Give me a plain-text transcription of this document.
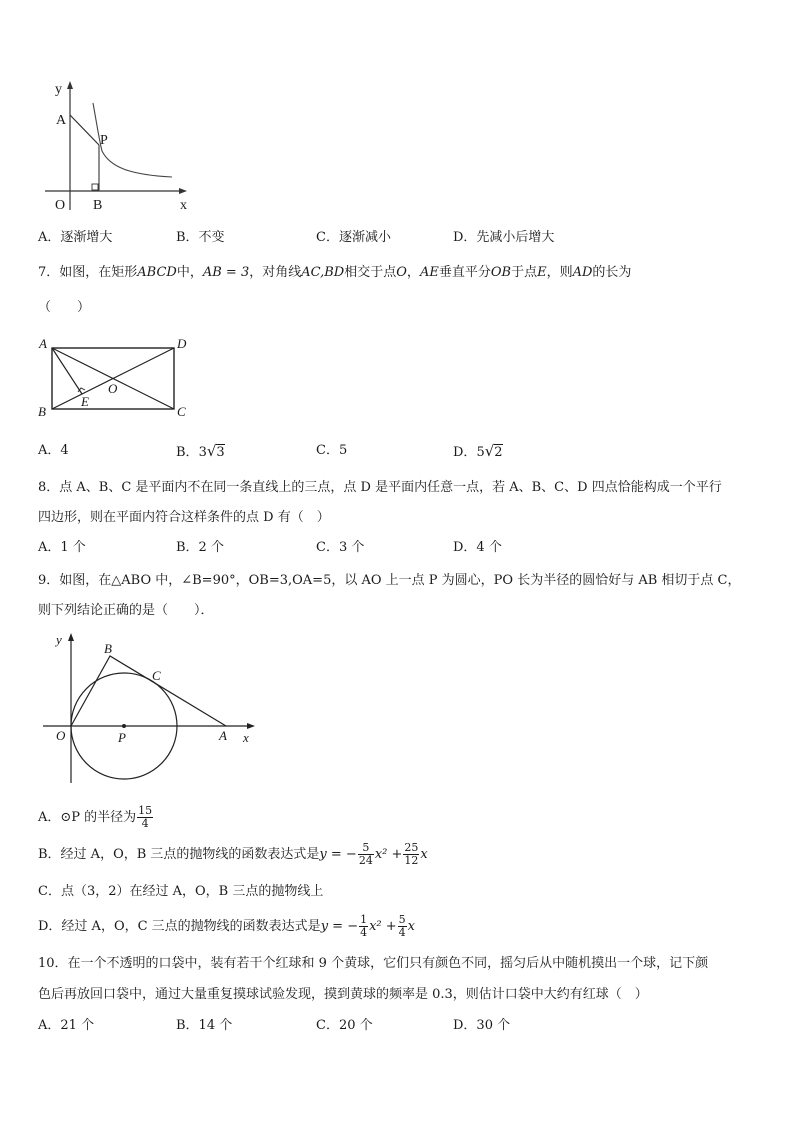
y
A
P
O B	x
A．逐渐增大	B．不变	C．逐渐减小	D．先减小后增大
7．如图，在矩形ABCD中，AB = 3，对角线AC,BD相交于点O，AE垂直平分OB于点E，则AD的长为
（　　）
A	D
B	C
O
E
A．4	B．3√3	C．5	D．5√2
8．点 A、B、C 是平面内不在同一条直线上的三点，点 D 是平面内任意一点，若 A、B、C、D 四点恰能构成一个平行
四边形，则在平面内符合这样条件的点 D 有（　）
A．1 个	B．2 个	C．3 个	D．4 个
9．如图，在△ABO 中，∠B=90°，OB=3,OA=5，以 AO 上一点 P 为圆心，PO 长为半径的圆恰好与 AB 相切于点 C，
则下列结论正确的是（　　）．
y
B
C
O	P	A x
A．⊙P 的半径为 $\frac{15}{4}$
B．经过 A，O，B 三点的抛物线的函数表达式是y = − $\frac{5}{24} x^2 + \frac{25}{12}$ x
C．点（3，2）在经过 A，O，B 三点的抛物线上
D．经过 A，O，C 三点的抛物线的函数表达式是y = − $\frac{1}{4} x^2 + \frac{5}{4}$ x
10．在一个不透明的口袋中，装有若干个红球和 9 个黄球，它们只有颜色不同，摇匀后从中随机摸出一个球，记下颜
色后再放回口袋中，通过大量重复摸球试验发现，摸到黄球的频率是 0.3，则估计口袋中大约有红球（　）
A．21 个	B．14 个	C．20 个	D．30 个
